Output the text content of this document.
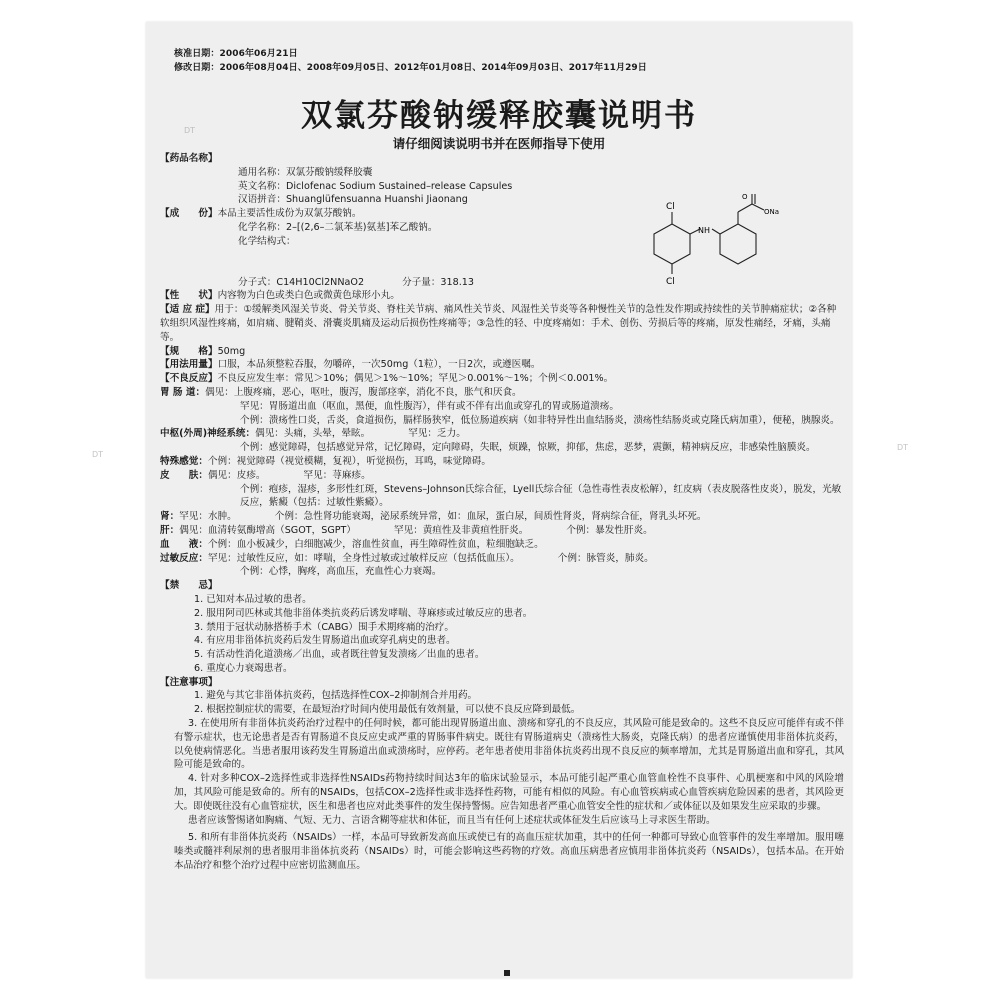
DT
DT
DT
核准日期：2006年06月21日
修改日期：2006年08月04日、2008年09月05日、2012年01月08日、2014年09月03日、2017年11月29日
双氯芬酸钠缓释胶囊说明书
请仔细阅读说明书并在医师指导下使用
Cl
NH
Cl
ONa
O
【药品名称】
通用名称：双氯芬酸钠缓释胶囊
英文名称：Diclofenac Sodium Sustained–release Capsules
汉语拼音：Shuanglüfensuanna Huanshi Jiaonang
【成　　份】本品主要活性成份为双氯芬酸钠。
化学名称：2–[(2,6–二氯苯基)氨基]苯乙酸钠。
化学结构式：
分子式：C14H10Cl2NNaO2	分子量：318.13
【性　　状】内容物为白色或类白色或微黄色球形小丸。
【适 应 症】用于：①缓解类风湿关节炎、骨关节炎、脊柱关节病、痛风性关节炎、风湿性关节炎等各种慢性关节的急性发作期或持续性的关节肿痛症状；②各种软组织风湿性疼痛，如肩痛、腱鞘炎、滑囊炎肌痛及运动后损伤性疼痛等；③急性的轻、中度疼痛如：手术、创伤、劳损后等的疼痛，原发性痛经，牙痛，头痛等。
【规　　格】50mg
【用法用量】口服，本品须整粒吞服，勿嚼碎，一次50mg（1粒），一日2次，或遵医嘱。
【不良反应】不良反应发生率：常见＞10%；偶见＞1%～10%；罕见＞0.001%～1%；个例＜0.001%。
胃 肠 道：偶见：上腹疼痛，恶心，呕吐，腹泻，腹部痉挛，消化不良，胀气和厌食。
罕见：胃肠道出血（呕血，黑便，血性腹泻），伴有或不伴有出血或穿孔的胃或肠道溃疡。
个例：溃疡性口炎，舌炎，食道损伤，膈样肠狭窄，低位肠道疾病（如非特异性出血结肠炎，溃疡性结肠炎或克隆氏病加重），便秘，胰腺炎。
中枢(外周)神经系统：偶见：头痛，头晕，晕眩。	罕见：乏力。
个例：感觉障碍，包括感觉异常，记忆障碍，定向障碍，失眠，烦躁，惊厥，抑郁，焦虑，恶梦，震颤，精神病反应，非感染性脑膜炎。
特殊感觉：个例：视觉障碍（视觉模糊，复视），听觉损伤，耳鸣，味觉障碍。
皮　　肤：偶见：皮疹。	罕见：荨麻疹。
个例：疱疹，湿疹，多形性红斑，Stevens–Johnson氏综合征，Lyell氏综合征（急性毒性表皮松解），红皮病（表皮脱落性皮炎），脱发，光敏反应，紫癜（包括：过敏性紫癜）。
肾：罕见：水肿。	个例：急性肾功能衰竭，泌尿系统异常，如：血尿，蛋白尿，间质性肾炎，肾病综合征，肾乳头坏死。
肝：偶见：血清转氨酶增高（SGOT，SGPT）	罕见：黄疸性及非黄疸性肝炎。	个例：暴发性肝炎。
血　　液：个例：血小板减少，白细胞减少，溶血性贫血，再生障碍性贫血，粒细胞缺乏。
过敏反应：罕见：过敏性反应，如：哮喘，全身性过敏或过敏样反应（包括低血压）。	个例：脉管炎，肺炎。
个例：心悸，胸疼，高血压，充血性心力衰竭。
【禁　　忌】
1. 已知对本品过敏的患者。
2. 服用阿司匹林或其他非甾体类抗炎药后诱发哮喘、荨麻疹或过敏反应的患者。
3. 禁用于冠状动脉搭桥手术（CABG）围手术期疼痛的治疗。
4. 有应用非甾体抗炎药后发生胃肠道出血或穿孔病史的患者。
5. 有活动性消化道溃疡／出血，或者既往曾复发溃疡／出血的患者。
6. 重度心力衰竭患者。
【注意事项】
1. 避免与其它非甾体抗炎药，包括选择性COX–2抑制剂合并用药。
2. 根据控制症状的需要，在最短治疗时间内使用最低有效剂量，可以使不良反应降到最低。
3. 在使用所有非甾体抗炎药治疗过程中的任何时候，都可能出现胃肠道出血、溃疡和穿孔的不良反应，其风险可能是致命的。这些不良反应可能伴有或不伴有警示症状，也无论患者是否有胃肠道不良反应史或严重的胃肠事件病史。既往有胃肠道病史（溃疡性大肠炎，克隆氏病）的患者应谨慎使用非甾体抗炎药，以免使病情恶化。当患者服用该药发生胃肠道出血或溃疡时，应停药。老年患者使用非甾体抗炎药出现不良反应的频率增加，尤其是胃肠道出血和穿孔，其风险可能是致命的。
4. 针对多种COX–2选择性或非选择性NSAIDs药物持续时间达3年的临床试验显示，本品可能引起严重心血管血栓性不良事件、心肌梗塞和中风的风险增加，其风险可能是致命的。所有的NSAIDs，包括COX–2选择性或非选择性药物，可能有相似的风险。有心血管疾病或心血管疾病危险因素的患者，其风险更大。即使既往没有心血管症状，医生和患者也应对此类事件的发生保持警惕。应告知患者严重心血管安全性的症状和／或体征以及如果发生应采取的步骤。
患者应该警惕诸如胸痛、气短、无力、言语含糊等症状和体征，而且当有任何上述症状或体征发生后应该马上寻求医生帮助。
5. 和所有非甾体抗炎药（NSAIDs）一样，本品可导致新发高血压或使已有的高血压症状加重，其中的任何一种都可导致心血管事件的发生率增加。服用噻嗪类或髓袢利尿剂的患者服用非甾体抗炎药（NSAIDs）时，可能会影响这些药物的疗效。高血压病患者应慎用非甾体抗炎药（NSAIDs），包括本品。在开始本品治疗和整个治疗过程中应密切监测血压。
